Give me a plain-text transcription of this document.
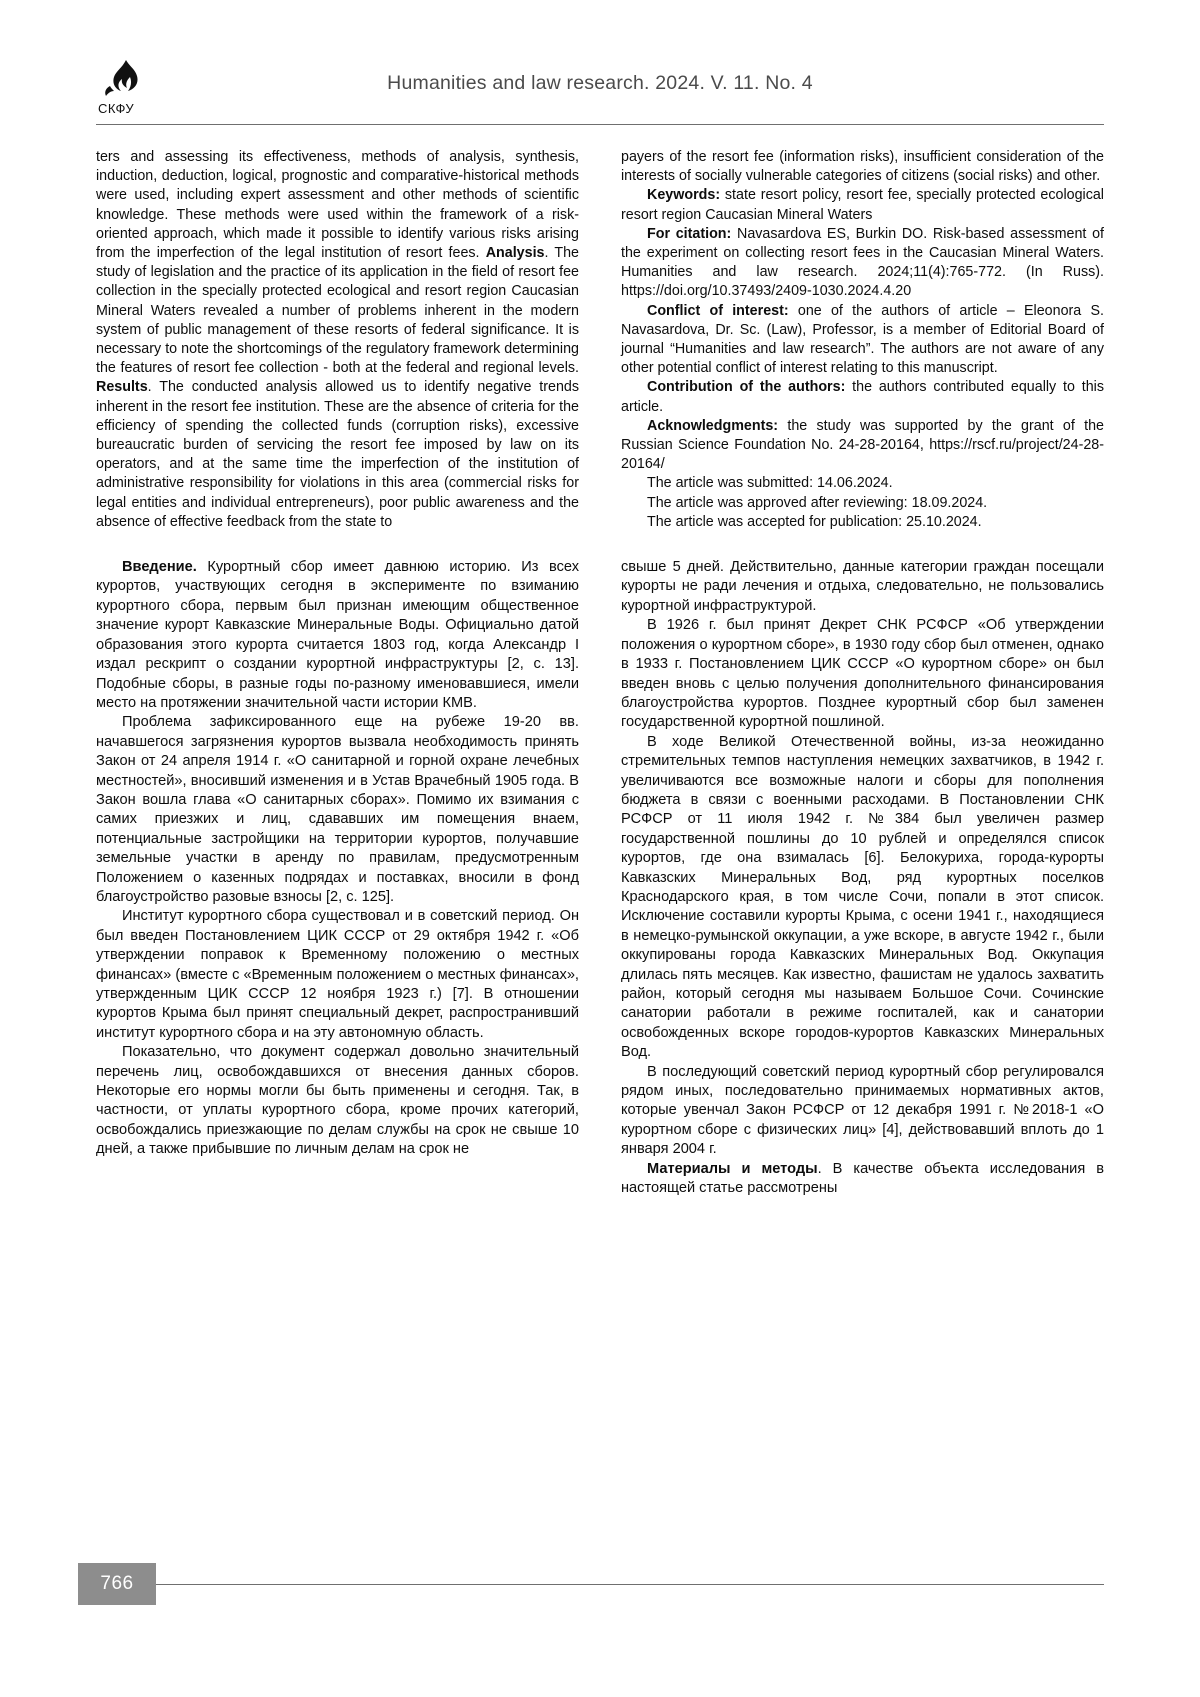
СКФУ
Humanities and law research. 2024. V. 11. No. 4

ters and assessing its effectiveness, methods of analysis, synthesis, induction, deduction, logical, prognostic and comparative-historical methods were used, including expert assessment and other methods of scientific knowledge. These methods were used within the framework of a risk-oriented approach, which made it possible to identify various risks arising from the imperfection of the legal institution of resort fees. Analysis. The study of legislation and the practice of its application in the field of resort fee collection in the specially protected ecological and resort region Caucasian Mineral Waters revealed a number of problems inherent in the modern system of public management of these resorts of federal significance. It is necessary to note the shortcomings of the regulatory framework determining the features of resort fee collection - both at the federal and regional levels. Results. The conducted analysis allowed us to identify negative trends inherent in the resort fee institution. These are the absence of criteria for the efficiency of spending the collected funds (corruption risks), excessive bureaucratic burden of servicing the resort fee imposed by law on its operators, and at the same time the imperfection of the institution of administrative responsibility for violations in this area (commercial risks for legal entities and individual entrepreneurs), poor public awareness and the absence of effective feedback from the state to

Введение. Курортный сбор имеет давнюю историю. Из всех курортов, участвующих сегодня в эксперименте по взиманию курортного сбора, первым был признан имеющим общественное значение курорт Кавказские Минеральные Воды. Официально датой образования этого курорта считается 1803 год, когда Александр I издал рескрипт о создании курортной инфраструктуры [2, с. 13]. Подобные сборы, в разные годы по-разному именовавшиеся, имели место на протяжении значительной части истории КМВ.

Проблема зафиксированного еще на рубеже 19-20 вв. начавшегося загрязнения курортов вызвала необходимость принять Закон от 24 апреля 1914 г. «О санитарной и горной охране лечебных местностей», вносивший изменения и в Устав Врачебный 1905 года. В Закон вошла глава «О санитарных сборах». Помимо их взимания с самих приезжих и лиц, сдававших им помещения внаем, потенциальные застройщики на территории курортов, получавшие земельные участки в аренду по правилам, предусмотренным Положением о казенных подрядах и поставках, вносили в фонд благоустройство разовые взносы [2, с. 125].

Институт курортного сбора существовал и в советский период. Он был введен Постановлением ЦИК СССР от 29 октября 1942 г. «Об утверждении поправок к Временному положению о местных финансах» (вместе с «Временным положением о местных финансах», утвержденным ЦИК СССР 12 ноября 1923 г.) [7]. В отношении курортов Крыма был принят специальный декрет, распространивший институт курортного сбора и на эту автономную область.

Показательно, что документ содержал довольно значительный перечень лиц, освобождавшихся от внесения данных сборов. Некоторые его нормы могли бы быть применены и сегодня. Так, в частности, от уплаты курортного сбора, кроме прочих категорий, освобождались приезжающие по делам службы на срок не свыше 10 дней, а также прибывшие по личным делам на срок не

payers of the resort fee (information risks), insufficient consideration of the interests of socially vulnerable categories of citizens (social risks) and other.

Keywords: state resort policy, resort fee, specially protected ecological resort region Caucasian Mineral Waters

For citation: Navasardova ES, Burkin DO. Risk-based assessment of the experiment on collecting resort fees in the Caucasian Mineral Waters. Humanities and law research. 2024;11(4):765-772. (In Russ). https://doi.org/10.37493/2409-1030.2024.4.20

Conflict of interest: one of the authors of article – Eleonora S. Navasardova, Dr. Sc. (Law), Professor, is a member of Editorial Board of journal “Humanities and law research”. The authors are not aware of any other potential conflict of interest relating to this manuscript.

Contribution of the authors: the authors contributed equally to this article.

Acknowledgments: the study was supported by the grant of the Russian Science Foundation No. 24-28-20164, https://rscf.ru/project/24-28-20164/

The article was submitted: 14.06.2024.

The article was approved after reviewing: 18.09.2024.

The article was accepted for publication: 25.10.2024.

свыше 5 дней. Действительно, данные категории граждан посещали курорты не ради лечения и отдыха, следовательно, не пользовались курортной инфраструктурой.

В 1926 г. был принят Декрет СНК РСФСР «Об утверждении положения о курортном сборе», в 1930 году сбор был отменен, однако в 1933 г. Постановлением ЦИК СССР «О курортном сборе» он был введен вновь с целью получения дополнительного финансирования благоустройства курортов. Позднее курортный сбор был заменен государственной курортной пошлиной.

В ходе Великой Отечественной войны, из-за неожиданно стремительных темпов наступления немецких захватчиков, в 1942 г. увеличиваются все возможные налоги и сборы для пополнения бюджета в связи с военными расходами. В Постановлении СНК РСФСР от 11 июля 1942 г. №384 был увеличен размер государственной пошлины до 10 рублей и определялся список курортов, где она взималась [6]. Белокуриха, города-курорты Кавказских Минеральных Вод, ряд курортных поселков Краснодарского края, в том числе Сочи, попали в этот список. Исключение составили курорты Крыма, с осени 1941 г., находящиеся в немецко-румынской оккупации, а уже вскоре, в августе 1942 г., были оккупированы города Кавказских Минеральных Вод. Оккупация длилась пять месяцев. Как известно, фашистам не удалось захватить район, который сегодня мы называем Большое Сочи. Сочинские санатории работали в режиме госпиталей, как и санатории освобожденных вскоре городов-курортов Кавказских Минеральных Вод.

В последующий советский период курортный сбор регулировался рядом иных, последовательно принимаемых нормативных актов, которые увенчал Закон РСФСР от 12 декабря 1991 г. №2018-1 «О курортном сборе с физических лиц» [4], действовавший вплоть до 1 января 2004 г.

Материалы и методы. В качестве объекта исследования в настоящей статье рассмотрены

766
